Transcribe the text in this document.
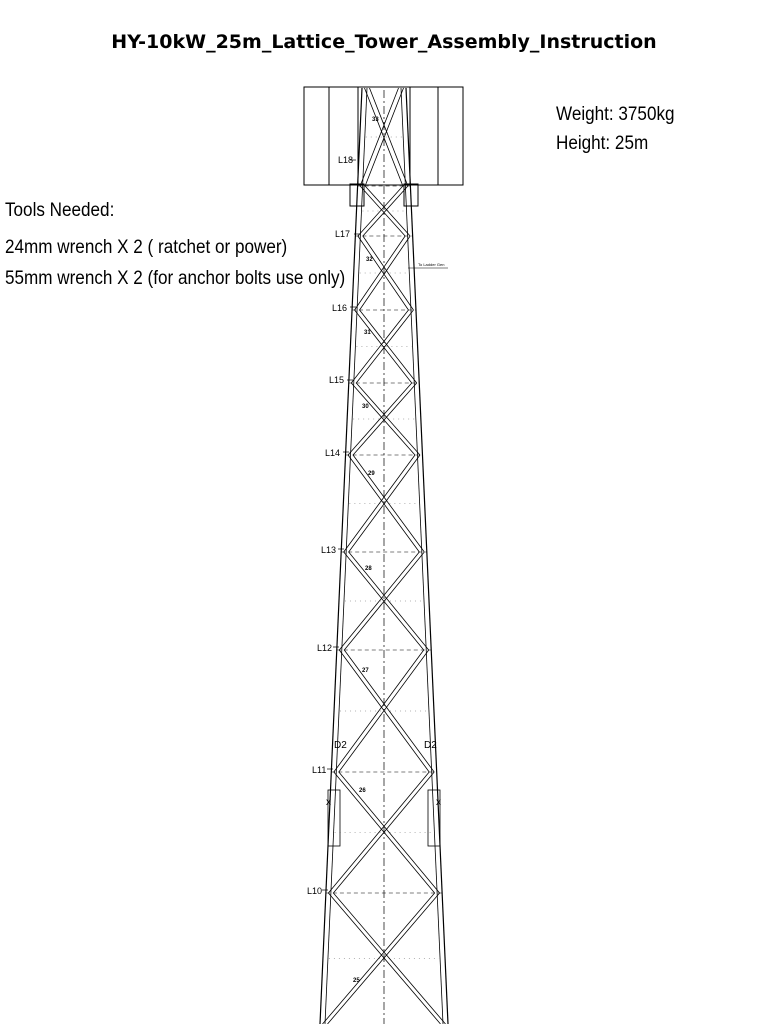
HY-10kW_25m_Lattice_Tower_Assembly_Instruction
Weight: 3750kg
Height: 25m
Tools Needed:
24mm wrench X 2 ( ratchet or power)
55mm wrench X 2 (for anchor bolts use only)
To Ladder Gen
L18
L17
L16
L15
L14
L13
L12
L11
L10
33
32
31
30
29
28
27
26
25
D2	D2
x	x
